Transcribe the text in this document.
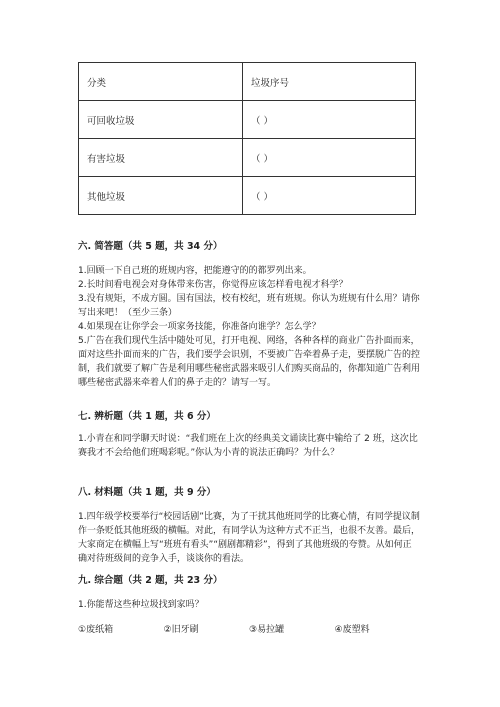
分类	垃圾序号
可回收垃圾	（ ）
有害垃圾	（ ）
其他垃圾	（ ）
六. 简答题（共 5 题，共 34 分）

1.回顾一下自己班的班规内容，把能遵守的的都罗列出来。

2.长时间看电视会对身体带来伤害，你觉得应该怎样看电视才科学？

3.没有规矩，不成方圆。国有国法，校有校纪，班有班规。你认为班规有什么用？请你写出来吧！（至少三条）

4.如果现在让你学会一项家务技能，你准备向谁学？怎么学？

5.广告在我们现代生活中随处可见，打开电视、网络，各种各样的商业广告扑面而来，面对这些扑面而来的广告，我们要学会识别，不要被广告牵着鼻子走，要摆脱广告的控制，我们就要了解广告是利用哪些秘密武器来吸引人们购买商品的，你都知道广告利用哪些秘密武器来牵着人们的鼻子走的？请写一写。

七. 辨析题（共 1 题，共 6 分）

1.小青在和同学聊天时说：“我们班在上次的经典美文诵读比赛中输给了 2 班，这次比赛我才不会给他们班喝彩呢。”你认为小青的说法正确吗？为什么？

八. 材料题（共 1 题，共 9 分）

1.四年级学校要举行“校园话剧”比赛，为了干扰其他班同学的比赛心情，有同学提议制作一条贬低其他班级的横幅。对此，有同学认为这种方式不正当，也很不友善。最后，大家商定在横幅上写“班班有看头”“剧剧都精彩”，得到了其他班级的夸赞。从如何正确对待班级间的竞争入手，谈谈你的看法。

九. 综合题（共 2 题，共 23 分）
1.你能帮这些种垃圾找到家吗？
①废纸箱	②旧牙刷	③易拉罐	④废塑料
